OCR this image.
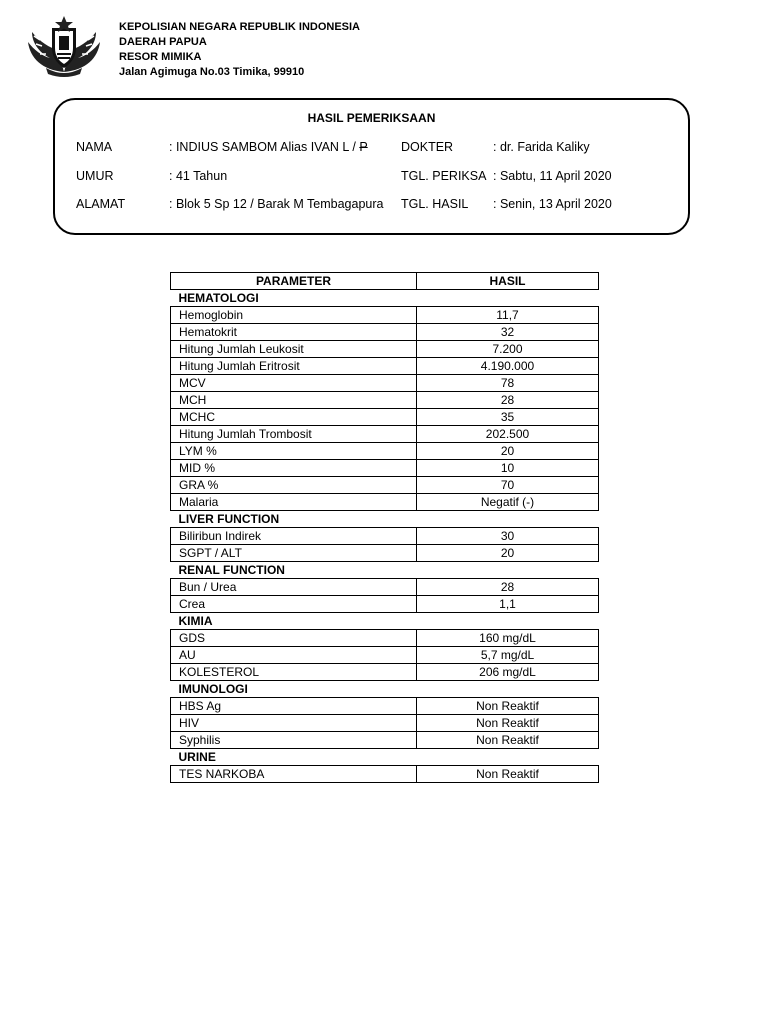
KEPOLISIAN NEGARA REPUBLIK INDONESIA
DAERAH PAPUA
RESOR MIMIKA
Jalan Agimuga No.03 Timika, 99910
HASIL PEMERIKSAAN
NAMA	: INDIUS SAMBOM Alias IVAN L / P	DOKTER	: dr. Farida Kaliky
UMUR	: 41 Tahun	TGL. PERIKSA : Sabtu, 11 April 2020
ALAMAT	: Blok 5 Sp 12 / Barak M Tembagapura TGL. HASIL : Senin, 13 April 2020
PARAMETER	HASIL
HEMATOLOGI	
Hemoglobin	11,7
Hematokrit	32
Hitung Jumlah Leukosit	7.200
Hitung Jumlah Eritrosit	4.190.000
MCV	78
MCH	28
MCHC	35
Hitung Jumlah Trombosit	202.500
LYM %	20
MID %	10
GRA %	70
Malaria	Negatif (-)
LIVER FUNCTION	
Biliribun Indirek	30
SGPT / ALT	20
RENAL FUNCTION	
Bun / Urea	28
Crea	1,1
KIMIA	
GDS	160 mg/dL
AU	5,7 mg/dL
KOLESTEROL	206 mg/dL
IMUNOLOGI	
HBS Ag	Non Reaktif
HIV	Non Reaktif
Syphilis	Non Reaktif
URINE	
TES NARKOBA	Non Reaktif
